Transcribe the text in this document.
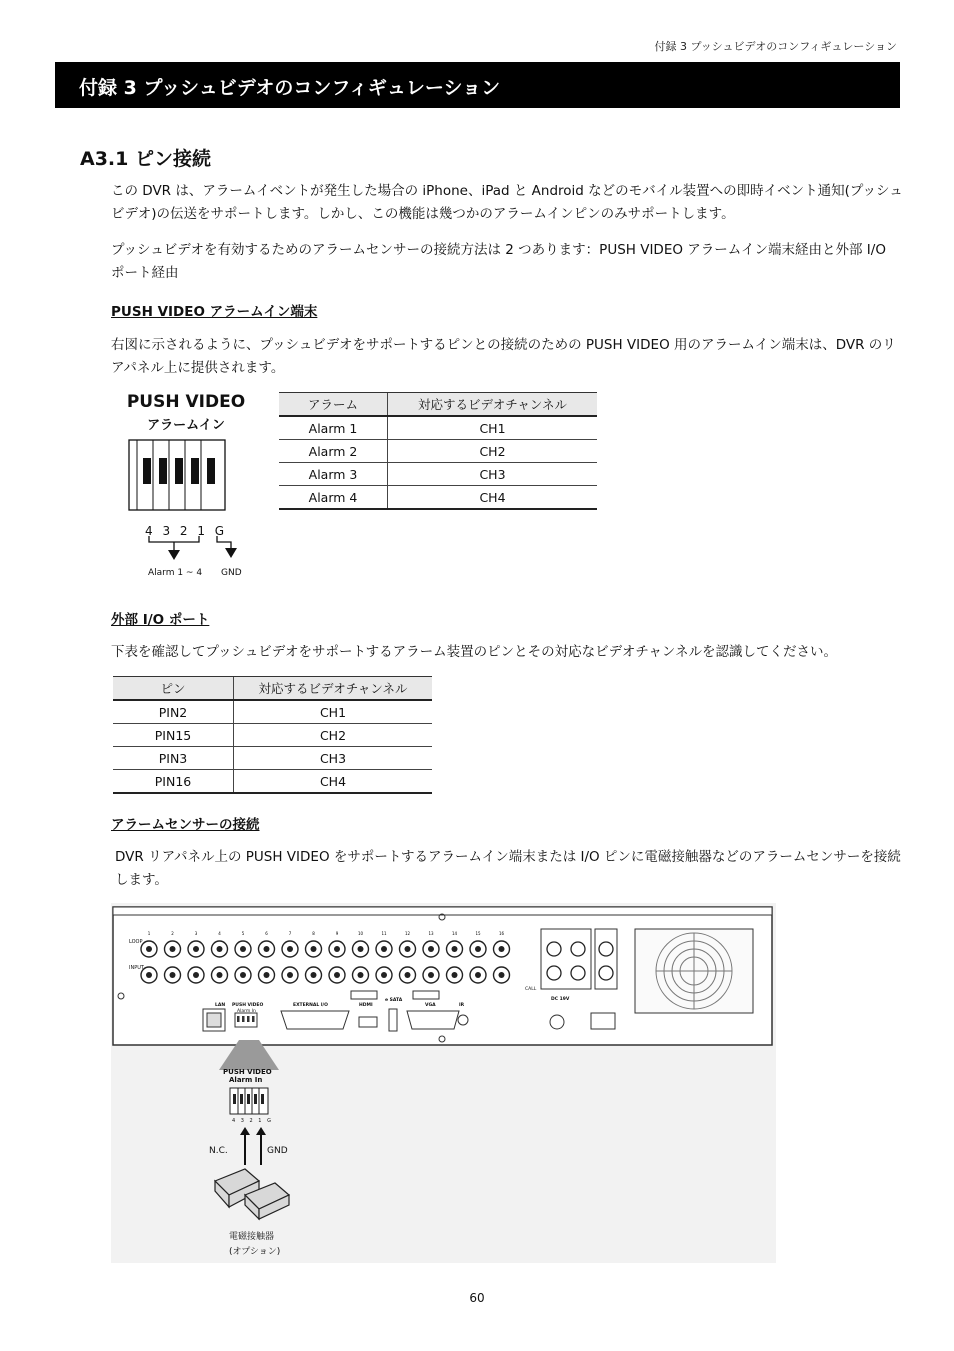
付録 3 プッシュビデオのコンフィギュレーション
付録 3 プッシュビデオのコンフィギュレーション
A3.1 ピン接続
この DVR は、アラームイベントが発生した場合の iPhone、iPad と Android などのモバイル装置への即時イベント通知(プッシュビデオ)の伝送をサポートします。しかし、この機能は幾つかのアラームインピンのみサポートします。
プッシュビデオを有効するためのアラームセンサーの接続方法は 2 つあります：PUSH VIDEO アラームイン端末経由と外部 I/O ポート経由
PUSH VIDEO アラームイン端末
右図に示されるように、プッシュビデオをサポートするピンとの接続のための PUSH VIDEO 用のアラームイン端末は、DVR のリアパネル上に提供されます。
PUSH VIDEO
アラームイン
4 3 2 1 G
Alarm 1 ~ 4 GND
アラーム	対応するビデオチャンネル
Alarm 1	CH1
Alarm 2	CH2
Alarm 3	CH3
Alarm 4	CH4
外部 I/O ポート
下表を確認してプッシュビデオをサポートするアラーム装置のピンとその対応なビデオチャンネルを認識してください。
ピン	対応するビデオチャンネル
PIN2	CH1
PIN15	CH2
PIN3	CH3
PIN16	CH4
アラームセンサーの接続
DVR リアパネル上の PUSH VIDEO をサポートするアラームイン端末または I/O ピンに電磁接触器などのアラームセンサーを接続します。
1	2	3	4	5	6	7	8	9	10	11	12	13	14	15	16
LOOP
INPUT
LAN PUSH VIDEO
Alarm In
EXTERNAL I/O	HDMI
e SATA
VGA	IR
CALL
DC 19V
PUSH VIDEO
Alarm In
4 3 2 1 G
N.C.	GND
電磁接触器
(オプション)
60
